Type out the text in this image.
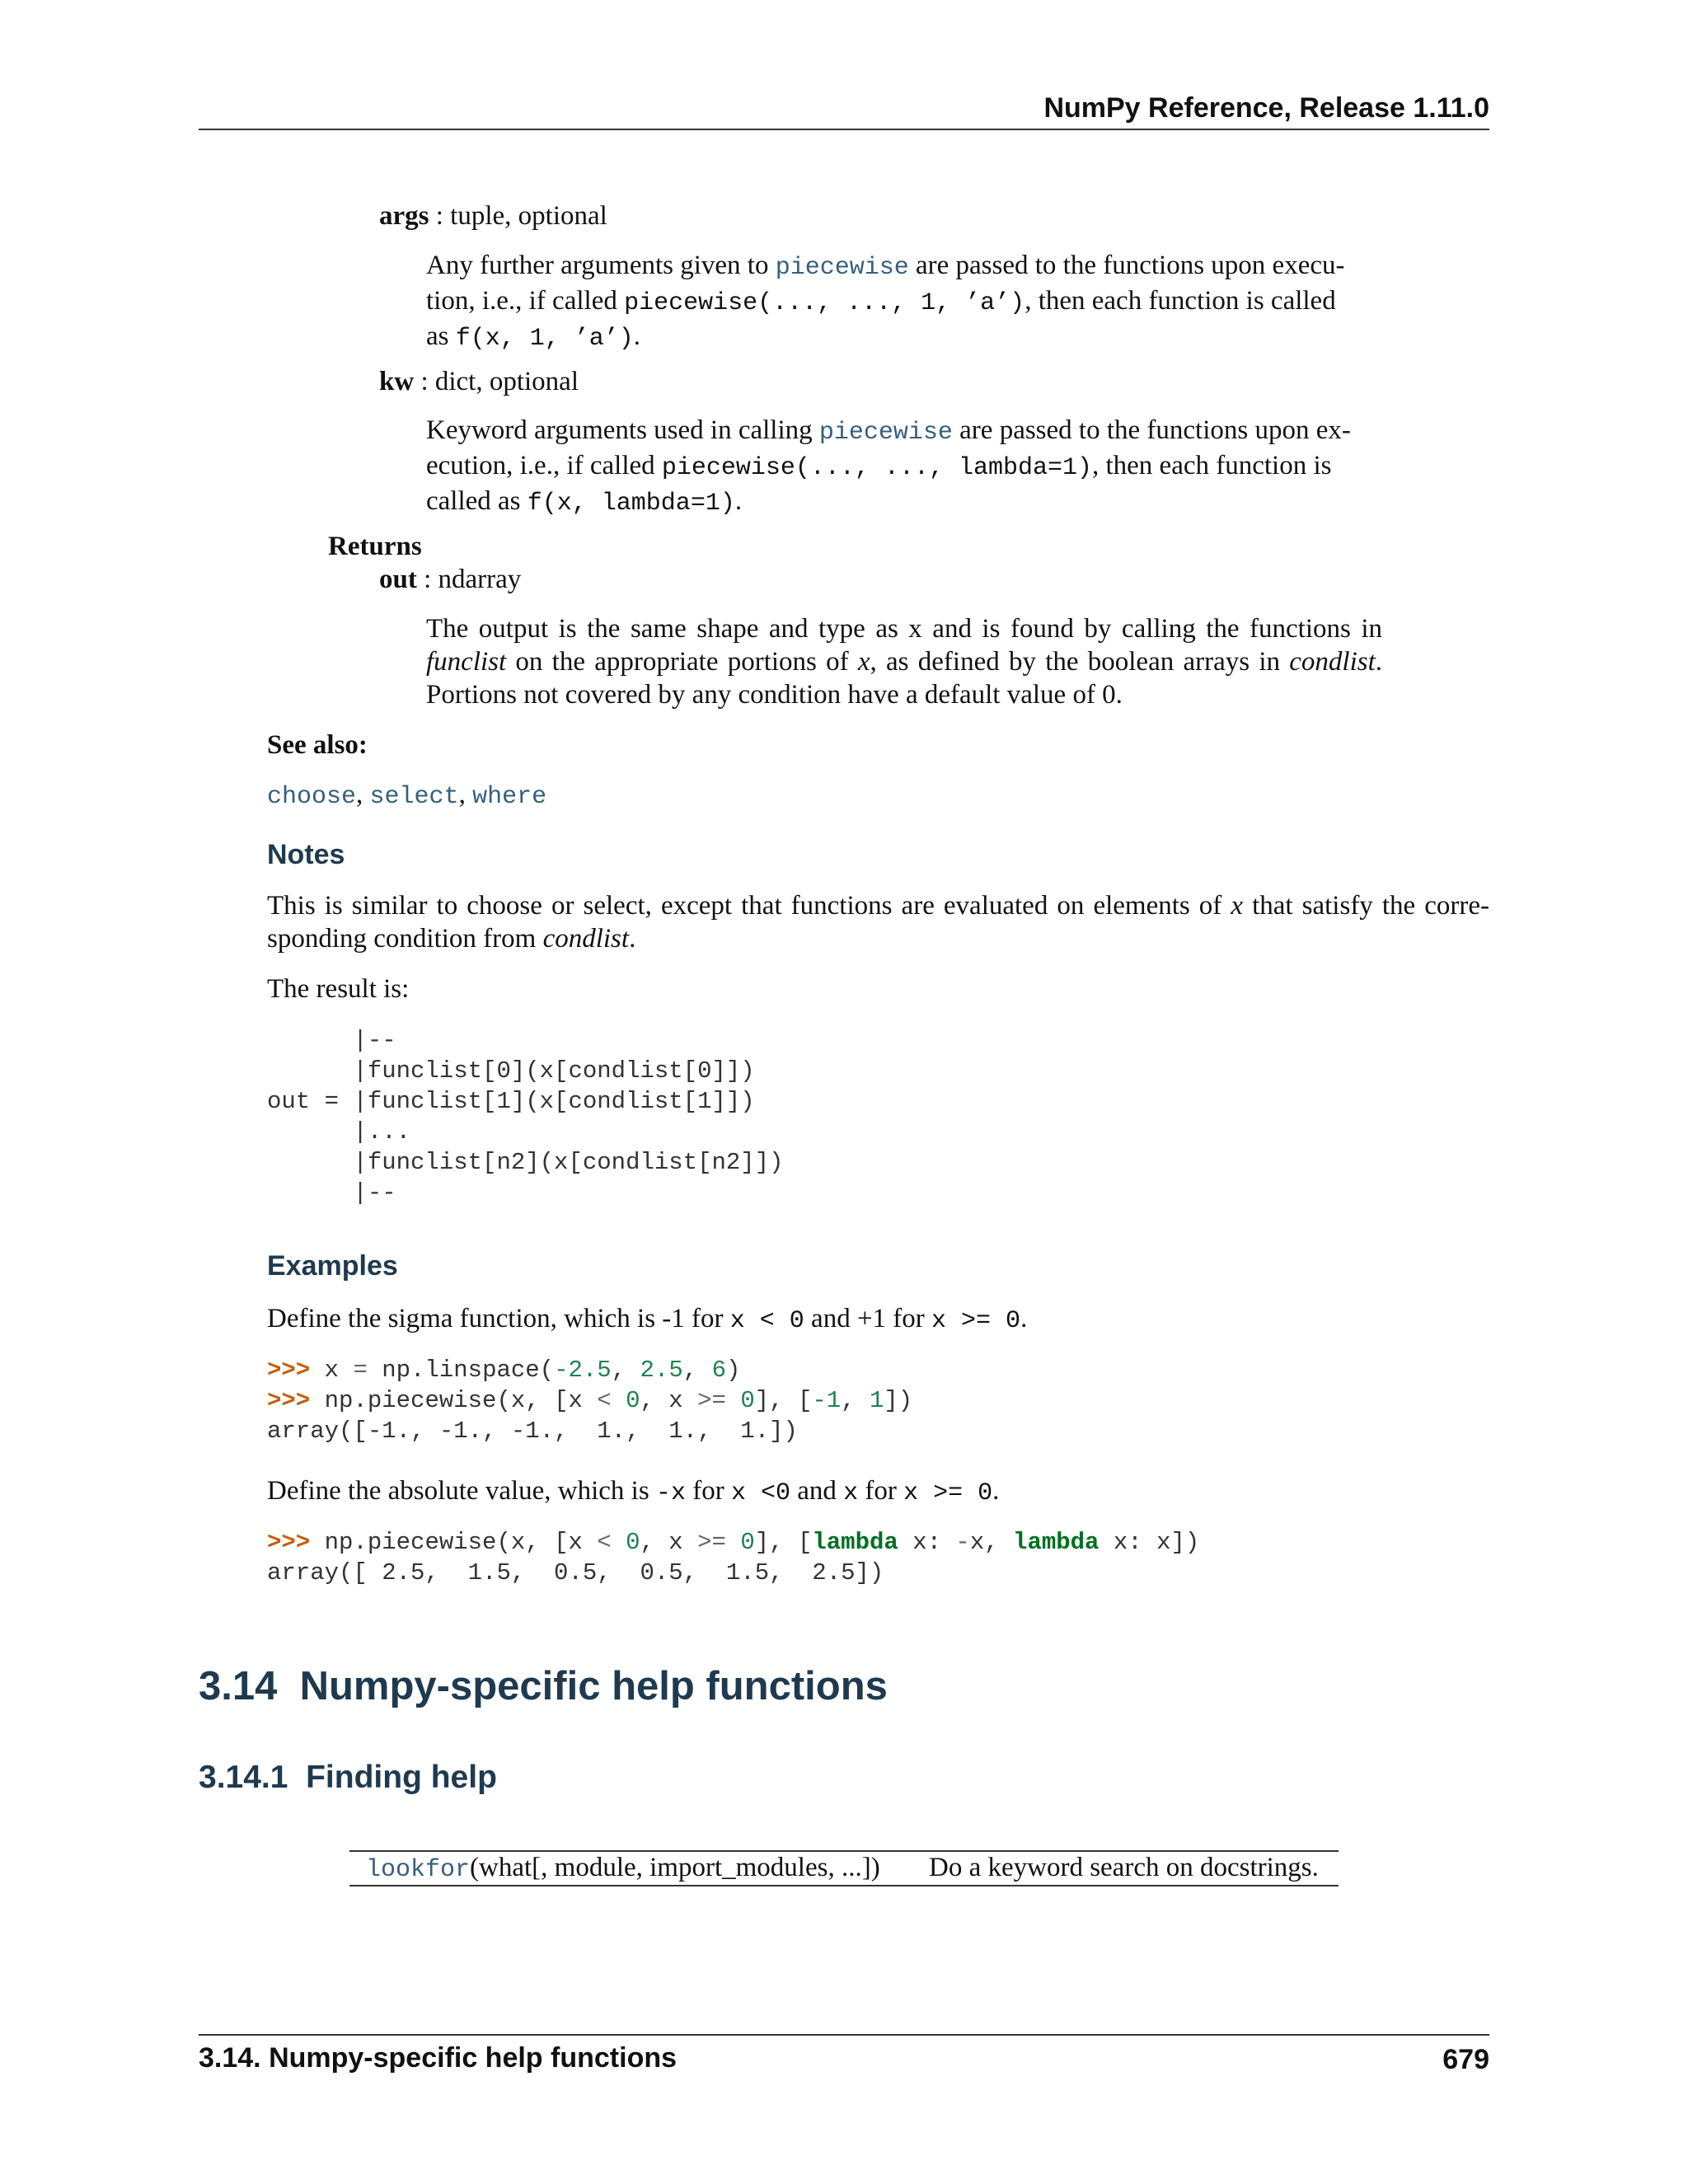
NumPy Reference, Release 1.11.0
args : tuple, optional
Any further arguments given to piecewise are passed to the functions upon execu-
tion, i.e., if called piecewise(..., ..., 1, ’a’), then each function is called
as f(x, 1, ’a’).
kw : dict, optional
Keyword arguments used in calling piecewise are passed to the functions upon ex-
ecution, i.e., if called piecewise(..., ..., lambda=1), then each function is
called as f(x, lambda=1).
Returns
out : ndarray
The output is the same shape and type as x and is found by calling the functions in
funclist on the appropriate portions of x, as defined by the boolean arrays in condlist.
Portions not covered by any condition have a default value of 0.
See also:
choose, select, where
Notes
This is similar to choose or select, except that functions are evaluated on elements of x that satisfy the corre-
sponding condition from condlist.
The result is:
|--
|funclist[0](x[condlist[0]])
out = |funclist[1](x[condlist[1]])
|...
|funclist[n2](x[condlist[n2]])
|--
Examples
Define the sigma function, which is -1 for x < 0 and +1 for x >= 0.
>>> x = np.linspace(-2.5, 2.5, 6)
>>> np.piecewise(x, [x < 0, x >= 0], [-1, 1])
array([-1., -1., -1.,  1.,  1.,  1.])
Define the absolute value, which is -x for x <0 and x for x >= 0.
>>> np.piecewise(x, [x < 0, x >= 0], [lambda x: -x, lambda x: x])
array([ 2.5,  1.5,  0.5,  0.5,  1.5,  2.5])
3.14 Numpy-specific help functions
3.14.1 Finding help
lookfor(what[, module, import_modules, ...]) Do a keyword search on docstrings.
3.14. Numpy-specific help functions	679
